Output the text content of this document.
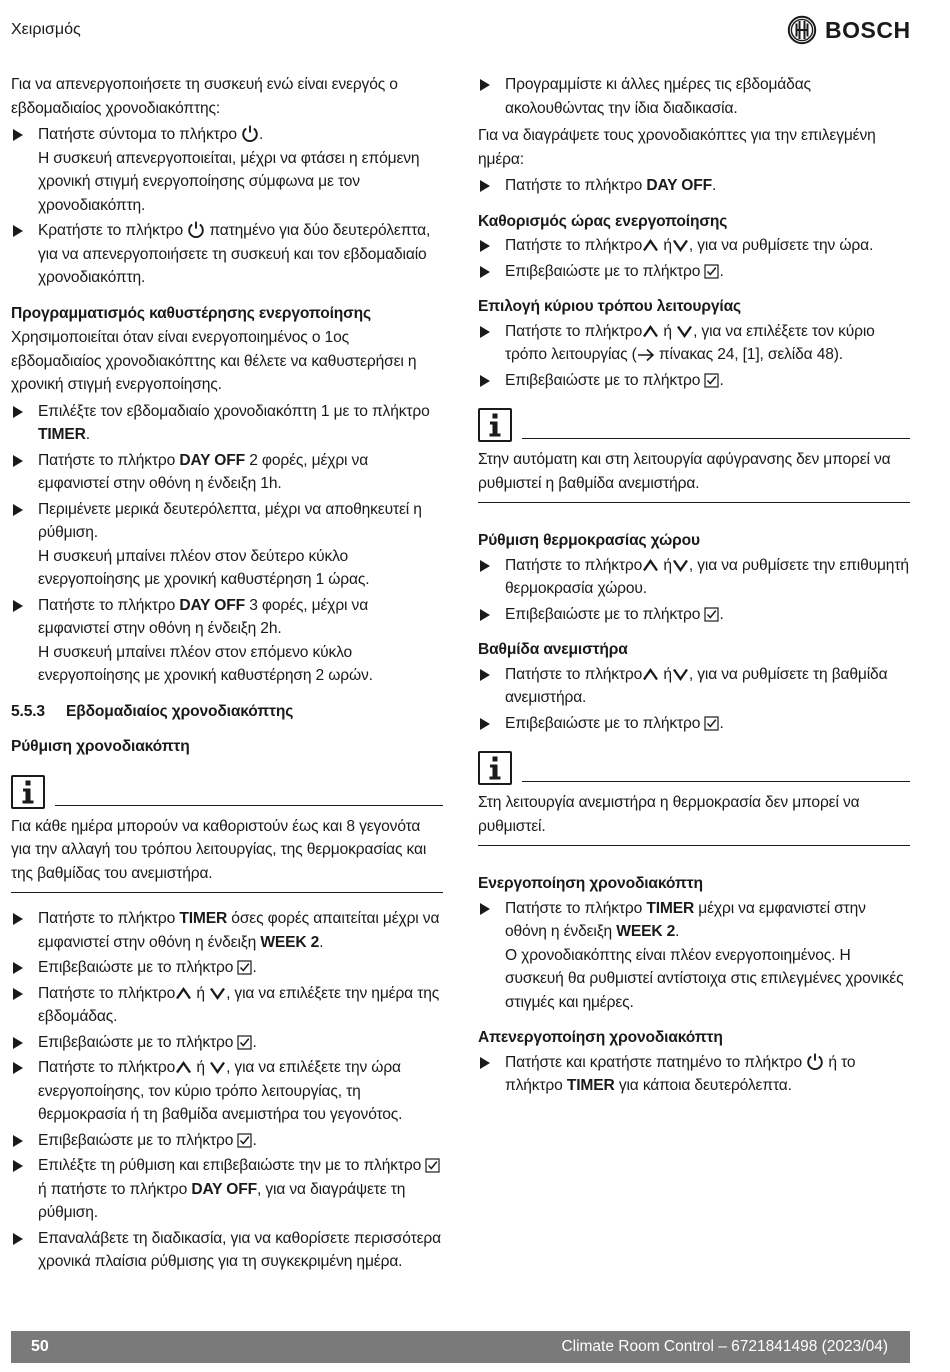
Χειρισμός	BOSCH

Για να απενεργοποιήσετε τη συσκευή ενώ είναι ενεργός ο εβδομαδιαίος χρονοδιακόπτης:

Πατήστε σύντομα το πλήκτρο .
Η συσκευή απενεργοποιείται, μέχρι να φτάσει η επόμενη χρονική στιγμή ενεργοποίησης σύμφωνα με τον χρονοδιακόπτη.
Κρατήστε το πλήκτρο πατημένο για δύο δευτερόλεπτα, για να απενεργοποιήσετε τη συσκευή και τον εβδομαδιαίο χρονοδιακόπτη.
Προγραμματισμός καθυστέρησης ενεργοποίησης

Χρησιμοποιείται όταν είναι ενεργοποιημένος ο 1ος εβδομαδιαίος χρονοδιακόπτης και θέλετε να καθυστερήσει η χρονική στιγμή ενεργοποίησης.

Επιλέξτε τον εβδομαδιαίο χρονοδιακόπτη 1 με το πλήκτρο TIMER.
Πατήστε το πλήκτρο DAY OFF 2 φορές, μέχρι να εμφανιστεί στην οθόνη η ένδειξη 1h.
Περιμένετε μερικά δευτερόλεπτα, μέχρι να αποθηκευτεί η ρύθμιση.
Η συσκευή μπαίνει πλέον στον δεύτερο κύκλο ενεργοποίησης με χρονική καθυστέρηση 1 ώρας.
Πατήστε το πλήκτρο DAY OFF 3 φορές, μέχρι να εμφανιστεί στην οθόνη η ένδειξη 2h.
Η συσκευή μπαίνει πλέον στον επόμενο κύκλο ενεργοποίησης με χρονική καθυστέρηση 2 ωρών.
5.5.3 Εβδομαδιαίος χρονοδιακόπτης
Ρύθμιση χρονοδιακόπτη
Για κάθε ημέρα μπορούν να καθοριστούν έως και 8 γεγονότα για την αλλαγή του τρόπου λειτουργίας, της θερμοκρασίας και της βαθμίδας του ανεμιστήρα.
Πατήστε το πλήκτρο TIMER όσες φορές απαιτείται μέχρι να εμφανιστεί στην οθόνη η ένδειξη WEEK 2.
Επιβεβαιώστε με το πλήκτρο .
Πατήστε το πλήκτρο ή , για να επιλέξετε την ημέρα της εβδομάδας.
Επιβεβαιώστε με το πλήκτρο .
Πατήστε το πλήκτρο ή , για να επιλέξετε την ώρα ενεργοποίησης, τον κύριο τρόπο λειτουργίας, τη θερμοκρασία ή τη βαθμίδα ανεμιστήρα του γεγονότος.
Επιβεβαιώστε με το πλήκτρο .
Επιλέξτε τη ρύθμιση και επιβεβαιώστε την με το πλήκτρο  ή πατήστε το πλήκτρο DAY OFF, για να διαγράψετε τη ρύθμιση.
Επαναλάβετε τη διαδικασία, για να καθορίσετε περισσότερα χρονικά πλαίσια ρύθμισης για τη συγκεκριμένη ημέρα.
Προγραμμίστε κι άλλες ημέρες τις εβδομάδας ακολουθώντας την ίδια διαδικασία.

Για να διαγράψετε τους χρονοδιακόπτες για την επιλεγμένη ημέρα:

Πατήστε το πλήκτρο DAY OFF.
Καθορισμός ώρας ενεργοποίησης
Πατήστε το πλήκτρο ή , για να ρυθμίσετε την ώρα.
Επιβεβαιώστε με το πλήκτρο .
Επιλογή κύριου τρόπου λειτουργίας
Πατήστε το πλήκτρο ή , για να επιλέξετε τον κύριο τρόπο λειτουργίας ( πίνακας 24, [1], σελίδα 48).
Επιβεβαιώστε με το πλήκτρο .
Στην αυτόματη και στη λειτουργία αφύγρανσης δεν μπορεί να ρυθμιστεί η βαθμίδα ανεμιστήρα.
Ρύθμιση θερμοκρασίας χώρου
Πατήστε το πλήκτρο ή , για να ρυθμίσετε την επιθυμητή θερμοκρασία χώρου.
Επιβεβαιώστε με το πλήκτρο .
Βαθμίδα ανεμιστήρα
Πατήστε το πλήκτρο ή , για να ρυθμίσετε τη βαθμίδα ανεμιστήρα.
Επιβεβαιώστε με το πλήκτρο .
Στη λειτουργία ανεμιστήρα η θερμοκρασία δεν μπορεί να ρυθμιστεί.
Ενεργοποίηση χρονοδιακόπτη
Πατήστε το πλήκτρο TIMER μέχρι να εμφανιστεί στην οθόνη η ένδειξη WEEK 2.
Ο χρονοδιακόπτης είναι πλέον ενεργοποιημένος. Η συσκευή θα ρυθμιστεί αντίστοιχα στις επιλεγμένες χρονικές στιγμές και ημέρες.
Απενεργοποίηση χρονοδιακόπτη
Πατήστε και κρατήστε πατημένο το πλήκτρο ή το πλήκτρο TIMER για κάποια δευτερόλεπτα.
50	Climate Room Control – 6721841498 (2023/04)
